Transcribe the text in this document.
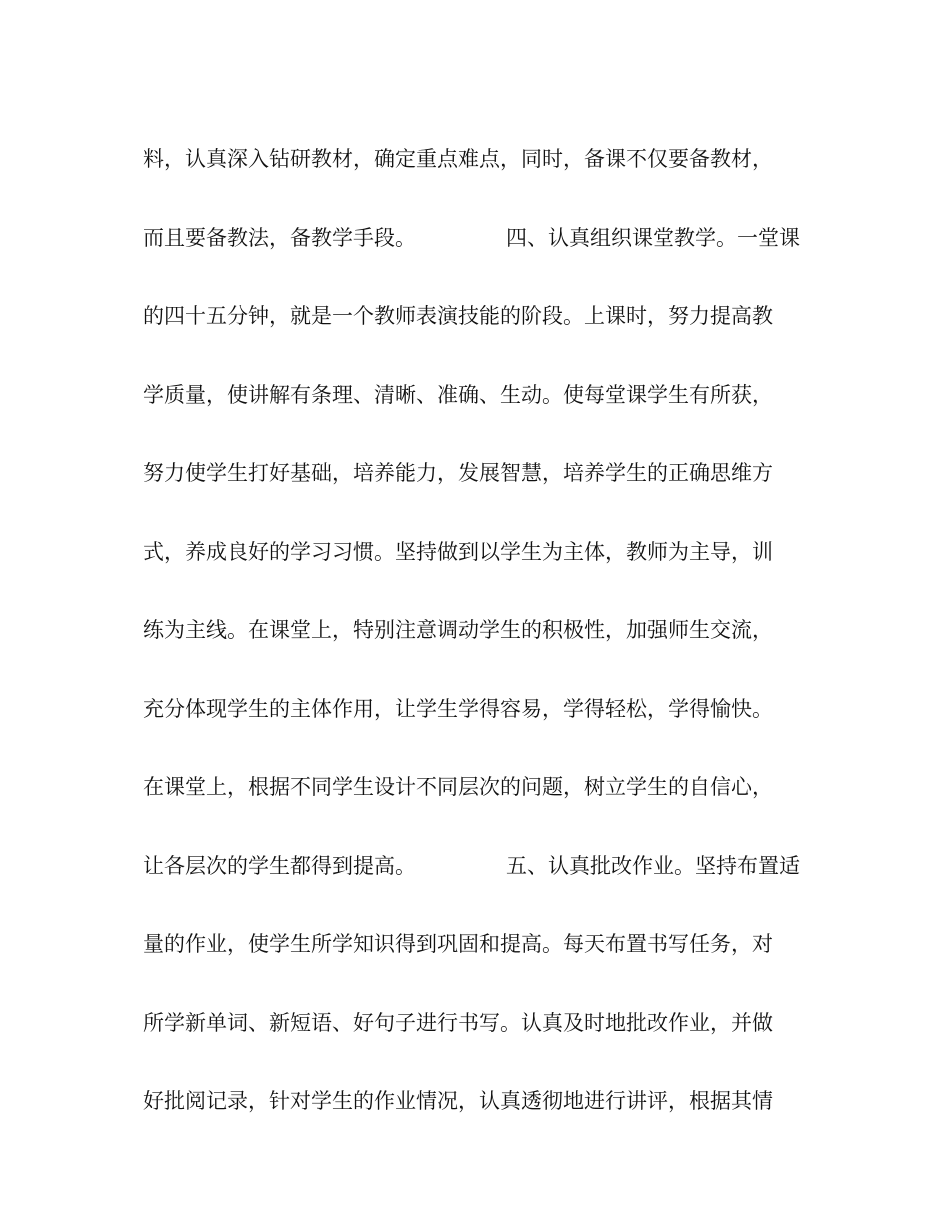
料，认真深入钻研教材，确定重点难点，同时，备课不仅要备教材，
而且要备教法，备教学手段。	四、认真组织课堂教学。一堂课
的四十五分钟，就是一个教师表演技能的阶段。上课时，努力提高教
学质量，使讲解有条理、清晰、准确、生动。使每堂课学生有所获，
努力使学生打好基础，培养能力，发展智慧，培养学生的正确思维方
式，养成良好的学习习惯。坚持做到以学生为主体，教师为主导，训
练为主线。在课堂上，特别注意调动学生的积极性，加强师生交流，
充分体现学生的主体作用，让学生学得容易，学得轻松，学得愉快。
在课堂上，根据不同学生设计不同层次的问题，树立学生的自信心，
让各层次的学生都得到提高。	五、认真批改作业。坚持布置适
量的作业，使学生所学知识得到巩固和提高。每天布置书写任务，对
所学新单词、新短语、好句子进行书写。认真及时地批改作业，并做
好批阅记录，针对学生的作业情况，认真透彻地进行讲评，根据其情
